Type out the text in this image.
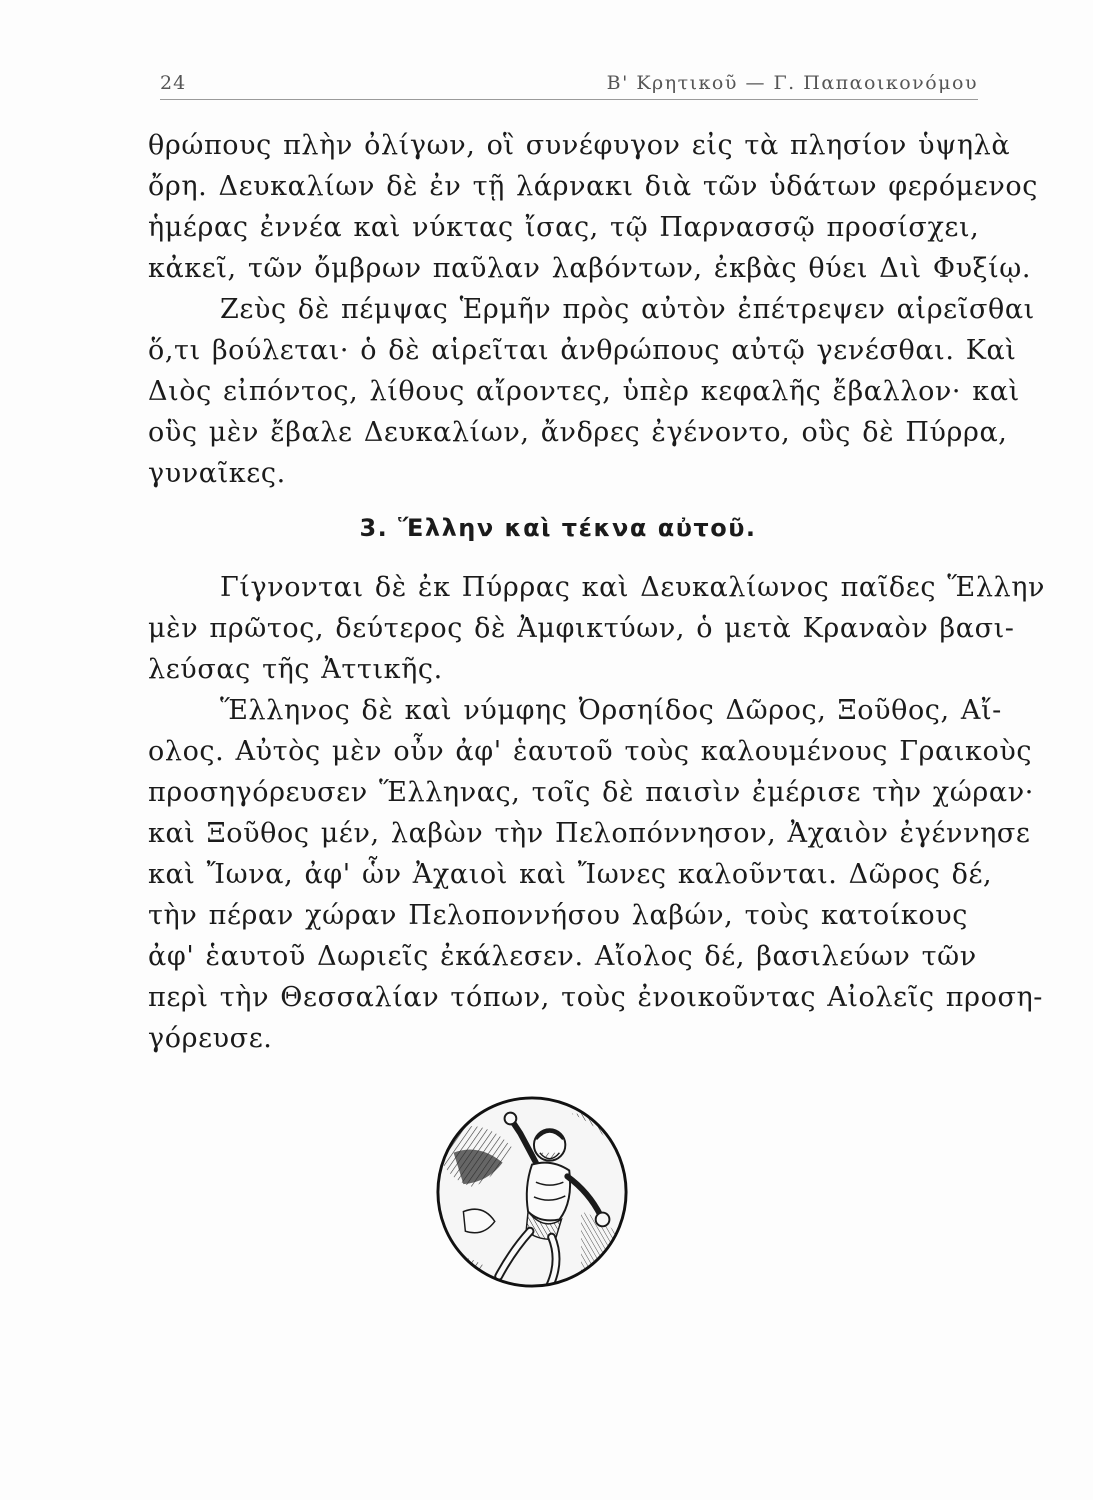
24	Β' Κρητικοῦ — Γ. Παπαοικονόμου
θρώπους πλὴν ὀλίγων, οἳ συνέφυγον εἰς τὰ πλησίον ὑψηλὰ
ὄρη. Δευκαλίων δὲ ἐν τῇ λάρνακι διὰ τῶν ὑδάτων φερόμενος
ἡμέρας ἐννέα καὶ νύκτας ἴσας, τῷ Παρνασσῷ προσίσχει,
κἀκεῖ, τῶν ὄμβρων παῦλαν λαβόντων, ἐκβὰς θύει Διὶ Φυξίῳ.
Ζεὺς δὲ πέμψας Ἑρμῆν πρὸς αὐτὸν ἐπέτρεψεν αἱρεῖσθαι
ὅ,τι βούλεται· ὁ δὲ αἱρεῖται ἀνθρώπους αὐτῷ γενέσθαι. Καὶ
Διὸς εἰπόντος, λίθους αἴροντες, ὑπὲρ κεφαλῆς ἔβαλλον· καὶ
οὓς μὲν ἔβαλε Δευκαλίων, ἄνδρες ἐγένοντο, οὓς δὲ Πύρρα,
γυναῖκες.
3. Ἕλλην καὶ τέκνα αὐτοῦ.
Γίγνονται δὲ ἐκ Πύρρας καὶ Δευκαλίωνος παῖδες Ἕλλην
μὲν πρῶτος, δεύτερος δὲ Ἀμφικτύων, ὁ μετὰ Κραναὸν βασι-
λεύσας τῆς Ἀττικῆς.
Ἕλληνος δὲ καὶ νύμφης Ὀρσηίδος Δῶρος, Ξοῦθος, Αἴ-
ολος. Αὐτὸς μὲν οὖν ἀφ' ἑαυτοῦ τοὺς καλουμένους Γραικοὺς
προσηγόρευσεν Ἕλληνας, τοῖς δὲ παισὶν ἐμέρισε τὴν χώραν·
καὶ Ξοῦθος μέν, λαβὼν τὴν Πελοπόννησον, Ἀχαιὸν ἐγέννησε
καὶ Ἴωνα, ἀφ' ὧν Ἀχαιοὶ καὶ Ἴωνες καλοῦνται. Δῶρος δέ,
τὴν πέραν χώραν Πελοποννήσου λαβών, τοὺς κατοίκους
ἀφ' ἑαυτοῦ Δωριεῖς ἐκάλεσεν. Αἴολος δέ, βασιλεύων τῶν
περὶ τὴν Θεσσαλίαν τόπων, τοὺς ἐνοικοῦντας Αἰολεῖς προση-
γόρευσε.
